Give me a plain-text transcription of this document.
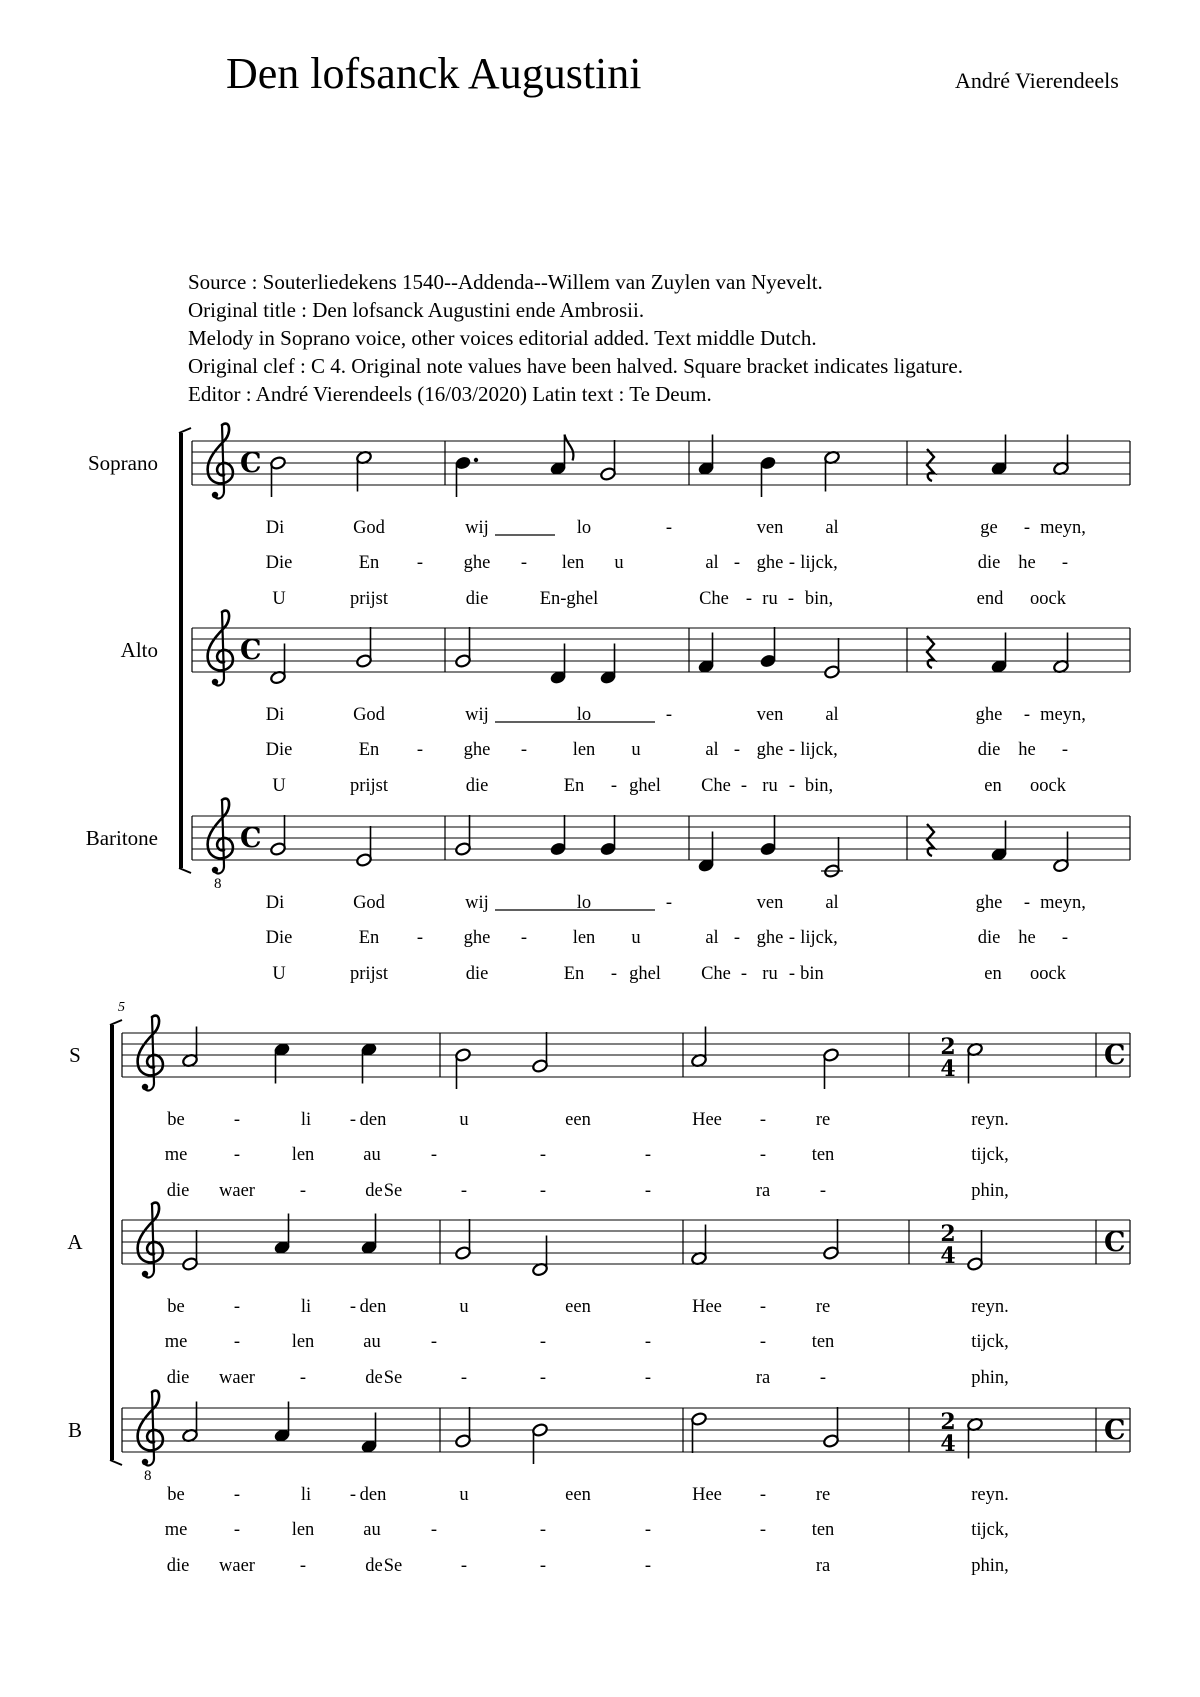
Den lofsanck Augustini	André Vierendeels
Source : Souterliedekens 1540--Addenda--Willem van Zuylen van Nyevelt.
Original title : Den lofsanck Augustini ende Ambrosii.
Melody in Soprano voice, other voices editorial added. Text middle Dutch.
Original clef : C 4. Original note values have been halved. Square bracket indicates ligature.
Editor : André Vierendeels (16/03/2020) Latin text : Te Deum.
Soprano	C
Di	God	wij	lo	-	ven al	ge - meyn,
Die	En - ghe - len u	al - ghe - lijck,	die he -
U	prijst	die	En-ghel	Che - ru - bin,	end oock
Alto	C
Di	God	wij	lo	-	ven al	ghe - meyn,
Die	En - ghe - len u	al - ghe - lijck,	die he -
U	prijst	die	En - ghel Che - ru - bin,	en oock
Baritone
8
C
Di	God	wij	lo	-	ven al	ghe - meyn,
Die	En - ghe - len u	al - ghe - lijck,	die he -
U	prijst	die	En - ghel Che - ru - bin	en oock
5
S	2
4	C
be	-	li - den	u	een	Hee -	re	reyn.
me	-	len	au	-	-	-	- ten	tijck,
die waer -	de Se	-	-	-	ra	-	phin,
A	2
4	C
be	-	li - den	u	een	Hee -	re	reyn.
me	-	len	au	-	-	-	- ten	tijck,
die waer -	de Se	-	-	-	ra	-	phin,
B
8
2
4	C
be	-	li - den	u	een	Hee -	re	reyn.
me	-	len	au	-	-	-	- ten	tijck,
die waer -	de Se	-	-	-	ra	phin,
